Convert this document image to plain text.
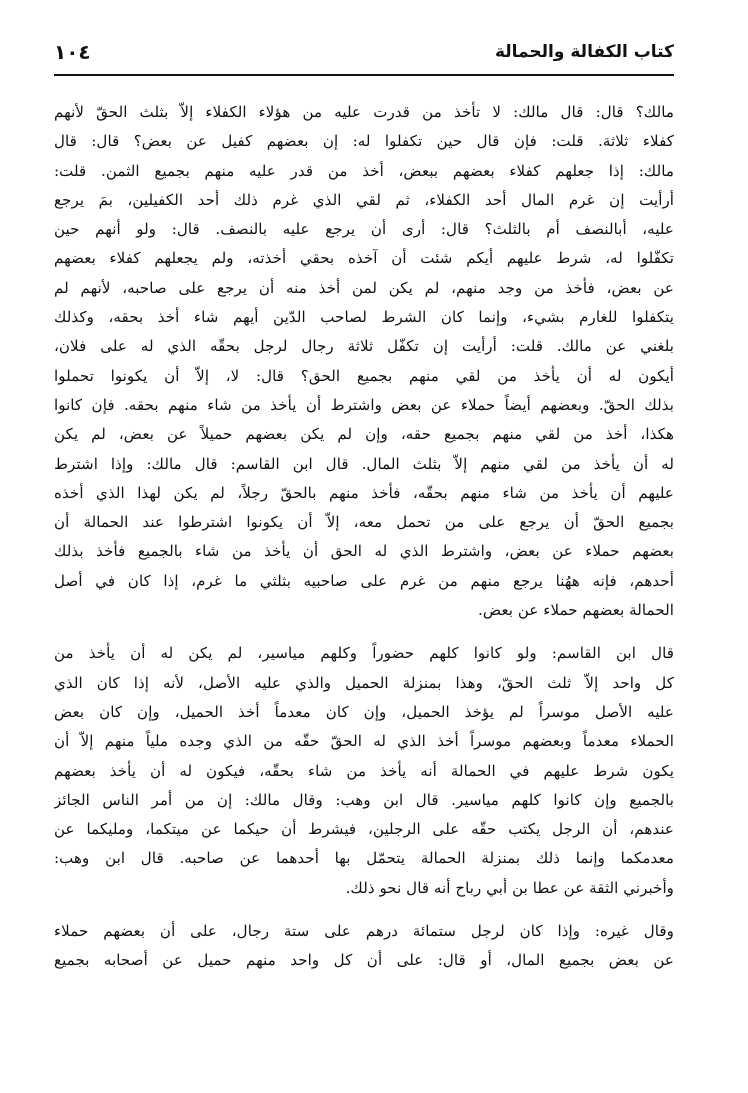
كتاب الكفالة والحمالة
١٠٤
مالك؟ قال: قال مالك: لا تأخذ من قدرت عليه من هؤلاء الكفلاء إلاّ بثلث الحقّ لأنهم
كفلاء ثلاثة. قلت: فإن قال حين تكفلوا له: إن بعضهم كفيل عن بعض؟ قال: قال
مالك: إذا جعلهم كفلاء بعضهم ببعض، أخذ من قدر عليه منهم بجميع الثمن. قلت:
أرأيت إن غرم المال أحد الكفلاء، ثم لقي الذي غرم ذلك أحد الكفيلين، بمَ يرجع
عليه، أبالنصف أم بالثلث؟ قال: أرى أن يرجع عليه بالنصف. قال: ولو أنهم حين
تكفّلوا له، شرط عليهم أيكم شئت أن آخذه بحقي أخذته، ولم يجعلهم كفلاء بعضهم
عن بعض، فأخذ من وجد منهم، لم يكن لمن أخذ منه أن يرجع على صاحبه، لأنهم لم
يتكفلوا للغارم بشيء، وإنما كان الشرط لصاحب الدّين أيهم شاء أخذ بحقه، وكذلك
بلغني عن مالك. قلت: أرأيت إن تكفّل ثلاثة رجال لرجل بحقّه الذي له على فلان،
أيكون له أن يأخذ من لقي منهم بجميع الحق؟ قال: لا، إلاّ أن يكونوا تحملوا
بذلك الحقّ. وبعضهم أيضاً حملاء عن بعض واشترط أن يأخذ من شاء منهم بحقه. فإن كانوا
هكذا، أخذ من لقي منهم بجميع حقه، وإن لم يكن بعضهم حميلاً عن بعض، لم يكن
له أن يأخذ من لقي منهم إلاّ بثلث المال. قال ابن القاسم: قال مالك: وإذا اشترط
عليهم أن يأخذ من شاء منهم بحقّه، فأخذ منهم بالحقّ رجلاً، لم يكن لهذا الذي أخذه
بجميع الحقّ أن يرجع على من تحمل معه، إلاّ أن يكونوا اشترطوا عند الحمالة أن
بعضهم حملاء عن بعض، واشترط الذي له الحق أن يأخذ من شاء بالجميع فأخذ بذلك
أحدهم، فإنه ههُنا يرجع منهم من غرم على صاحبيه بثلثي ما غرم، إذا كان في أصل
الحمالة بعضهم حملاء عن بعض.
قال ابن القاسم: ولو كانوا كلهم حضوراً وكلهم مياسير، لم يكن له أن يأخذ من
كل واحد إلاّ ثلث الحقّ، وهذا بمنزلة الحميل والذي عليه الأصل، لأنه إذا كان الذي
عليه الأصل موسراً لم يؤخذ الحميل، وإن كان معدماً أخذ الحميل، وإن كان بعض
الحملاء معدماً وبعضهم موسراً أخذ الذي له الحقّ حقّه من الذي وجده ملياً منهم إلاّ أن
يكون شرط عليهم في الحمالة أنه يأخذ من شاء بحقّه، فيكون له أن يأخذ بعضهم
بالجميع وإن كانوا كلهم مياسير. قال ابن وهب: وقال مالك: إن من أمر الناس الجائز
عندهم، أن الرجل يكتب حقّه على الرجلين، فيشرط أن حيكما عن ميتكما، ومليكما عن
معدمكما وإنما ذلك بمنزلة الحمالة يتحمّل بها أحدهما عن صاحبه. قال ابن وهب:
وأخبرني الثقة عن عطا بن أبي رباح أنه قال نحو ذلك.
وقال غيره: وإذا كان لرجل ستمائة درهم على ستة رجال، على أن بعضهم حملاء
عن بعض بجميع المال، أو قال: على أن كل واحد منهم حميل عن أصحابه بجميع
